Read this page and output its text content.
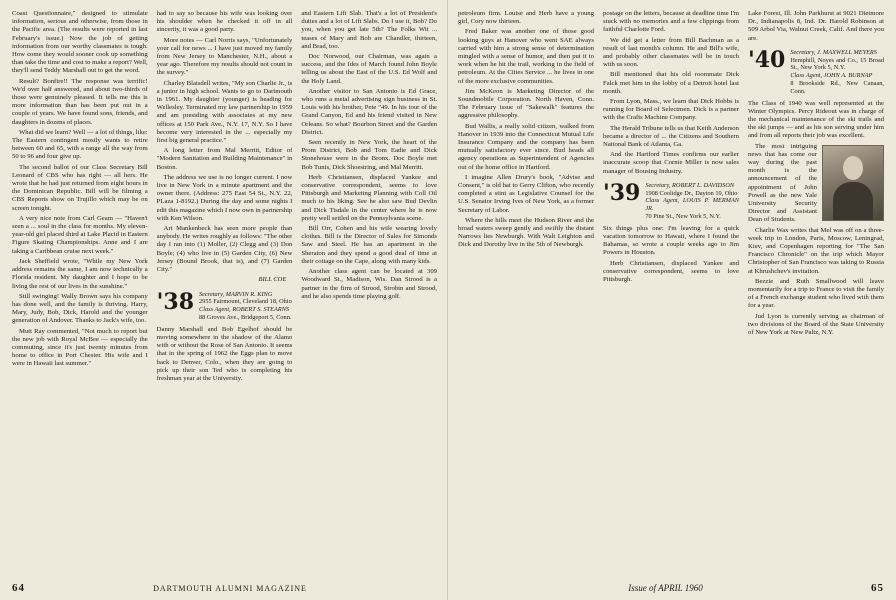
Coast Questionnaire," designed to stimulate information, serious and otherwise, from those in the Pacific area. (The results were reported in last February's issue.) Now the job of getting information from our worthy classmates is tough. How come they would sooner cook up something than take the time and cost to make a report? Well, they'll send Teddy Marshall out to get the word.

Result? Bonfire!! The response was terrific! We'd over half answered, and about two-thirds of those were genuinely pleased. It tells me this is more information than has been put out in a couple of years. We have found sons, friends, and daughters in dozens of places.

What did we learn? Well — a lot of things, like: The Eastern contingent mostly wants to retire between 60 and 65, with a range all the way from 50 to 96 and four give up.

The second ballot of our Class Secretary Bill Leonard of CBS who has right — all hers. He wrote that he had just returned from eight hours in the Dominican Republic. Bill will be filming a CBS Reports show on Trujillo which may be on screen tonight.

A very nice note from Carl Geam — "Haven't seen a ... soul in the class for months. My eleven-year-old girl placed third at Lake Placid in Eastern Figure Skating Championships. Anne and I are taking a Caribbean cruise next week."

Jack Sheffield wrote, "While my New York address remains the same, I am now technically a Florida resident. My daughter and I hope to be living the rest of our lives in the sunshine."

Still swinging! Wally Brown says his company has done well, and the family is thriving. Harry, Mary, Judy, Bob, Dick, Harold and the younger generation of Andover. Thanks to Jack's wife, too.

Mutt Ray commented, "Not much to report but the new job with Royal McBee — especially the commuting, since it's just twenty minutes from home to office in Port Chester. His wife and I were in Hawaii last summer."

had to say so because his wife was looking over his shoulder when he checked it off in all sincerity, it was a good party.

More notes — Carl Norris says, "Unfortunately your call for news ... I have just moved my family from New Jersey to Manchester, N.H., about a year ago. Therefore my results should not count in the survey."

Charley Blaisdell writes, "My son Charlie Jr., is a junior in high school. Wants to go to Dartmouth in 1961. My daughter (younger) is heading for Wellesley. Terminated my law partnership in 1959 and am presiding with associates at my new offices at 150 Park Ave., N.Y. 17, N.Y. So I have become very interested in the ... especially my first big general practice."

A long letter from Mal Merritt, Editor of "Modern Sanitation and Building Maintenance" in Boston.

The address we use is no longer current. I now live in New York in a minute apartment and the owner there. (Address: 275 East 54 St., N.Y. 22, PLaza 1-8192.) During the day and some nights I edit this magazine which I now own in partnership with Ken Wilson.

Art Mankenbeck has seen more people than anybody. He writes roughly as follows: "The other day I ran into (1) Moller, (2) Clegg and (3) Don Boyle; (4) who live in (5) Garden City, (6) New Jersey (Bound Brook, that is), and (7) Garden City."

BILL COE
'38 Secretary, MARVIN R. KING
2955 Fairmount, Cleveland 18, Ohio
Class Agent, ROBERT S. STEARNS
88 Groves Ave., Bridgeport 5, Conn.

Danny Marshall and Bob Egelhof should be moving somewhere in the shadow of the Alamo with or without the Rose of San Antonio. It seems that in the spring of 1962 the Eggs plan to move back to Denver, Colo., when they are going to pick up their son Ted who is completing his freshman year at the University.

and Eastern Lift Slab. That's a lot of President's duties and a lot of Lift Slabs. Do I use it, Bob? Do you, when you get late 5th? The Folks Wit ... teases of Mary and Bob are Chandler, thirteen, and Brad, too.

Doc Norwood, our Chairman, was again a success, and the Ides of March found John Boyle telling us about the East of the U.S. Ed Wolf and the Holy Land.

Another visitor to San Antonio is Ed Grace, who runs a metal advertising sign business in St. Louis with his brother, Pete "49. In his tour of the Grand Canyon, Ed and his friend visited in New Orleans. So what? Bourbon Street and the Garden District.

Seen recently in New York, the heart of the Prom District, Bob and Tom Eadie and Dick Stonehouse were in the Bronx. Doc Boyle met Bob Tunis, Dick Shoestring, and Mal Merritt.

Herb Christiansen, displaced Yankee and conservative correspondent, seems to love Pittsburgh and Marketing Planning with Coll Oil much to his liking. See he also saw Bud Devlin and Dick Tisdale in the center where he is now pretty well settled on the Pennsylvania scene.

Bill Orr, Cohen and his wife wearing lovely clothes. Bill is the Director of Sales for Simonds Saw and Steel. He has an apartment in the Sheraton and they spend a good deal of time at their cottage on the Cape, along with many kids.

Another class agent can be located at 309 Woodward St., Madison, Wis. Dan Strood is a partner in the firm of Strood, Strobin and Strood, and he also spends time playing golf.

64	DARTMOUTH ALUMNI MAGAZINE

petroleum firm. Louise and Herb have a young girl, Cory now thirteen.

Fred Baker was another one of those good looking guys at Hanover who went SAE always carried with him a strong sense of determination mingled with a sense of humor, and then put it to work when he hit the trail, working in the field of petroleum. At the Cities Service ... he lives in one of the more exclusive communities.

Jim McKeon is Marketing Director of the Soundmobile Corporation. North Haven, Conn. The February issue of "Sakewalk" features the aggressive philosophy.

Bud Wallis, a really solid citizen, walked from Hanover in 1939 into the Connecticut Mutual Life Insurance Company and the company has been mutually satisfactory ever since. Bud heads all agency operations as Superintendent of Agencies out of the home office in Hartford.

I imagine Allen Drury's book, "Advise and Consent," is old hat to Gerry Clifton, who recently completed a stint as Legislative Counsel for the U.S. Senator Irving Ives of New York, as a former Secretary of Labor.

Where the hills meet the Hudson River and the broad waters sweep gently and swiftly the distant Narrows lies Newburgh. With Walt Leighton and Dick and Dorothy live in the 5th of Newburgh.

postage on the letters, because at deadline time I'm stuck with no memories and a few clippings from faithful Charlotte Ford.

We did get a letter from Bill Bachman as a result of last month's column. He and Bill's wife, and probably other classmates will be in touch with us soon.

Bill mentioned that his old roommate Dick Falck met him in the lobby of a Detroit hotel last month.

From Lyon, Mass., we learn that Dick Hobbs is running for Board of Selectmen. Dick is a partner with the Crafts Machine Company.

The Herald Tribune tells us that Keith Anderson became a director of ... the Citizens and Southern National Bank of Atlanta, Ga.

And the Hartford Times confirms our earlier inaccurate scoop that Cornie Miller is now sales manager of Bousing Industry.

'39 Secretary, ROBERT L. DAVIDSON
1908 Coolidge Dr., Dayton 19, Ohio
Class Agent, LOUIS P. MERMAN JR.
70 Pine St., New York 5, N.Y.

Six things plus one: I'm leaving for a quick vacation tomorrow to Hawaii, where I found the Bahamas, so wrote a couple weeks ago to Jim Powers in Houston.

Herb Christiansen, displaced Yankee and conservative correspondent, seems to love Pittsburgh.

Lake Forest, Ill. John Parkhurst at 9021 Dietmore Dr., Indianapolis 8, Ind. Dr. Harold Robinson at 509 Arbol Via, Walnut Creek, Calif. And there you are.

'40 Secretary, J. MAXWELL MEYERS
Hemphill, Noyes and Co., 15 Broad St., New York 5, N.Y.
Class Agent, JOHN A. BURNAP
8 Brookside Rd., New Canaan, Conn.

The Class of 1940 was well represented at the Winter Olympics. Percy Rideout was in charge of the mechanical maintenance of the ski trails and the ski jumps — and as his son serving under him and from all reports their job was excellent.

The most intriguing news that has come our way during the past month is the announcement of the appointment of John Powell as the new Yale University Security Director and Assistant Dean of Students.

Charlie Wax writes that Mel was off on a three-week trip to London, Paris, Moscow, Leningrad, Kiev, and Copenhagen reporting for "The San Francisco Chronicle" on the trip which Mayor Christopher of San Francisco was taking to Russia at Khrushchev's invitation.

Bezzie and Ruth Smallwood will leave momentarily for a trip to France to visit the family of a French exchange student who lived with them for a year.

Jud Lyon is currently serving as chairman of two divisions of the Board of the State University of New York at New Paltz, N.Y.

Issue of APRIL 1960	65
